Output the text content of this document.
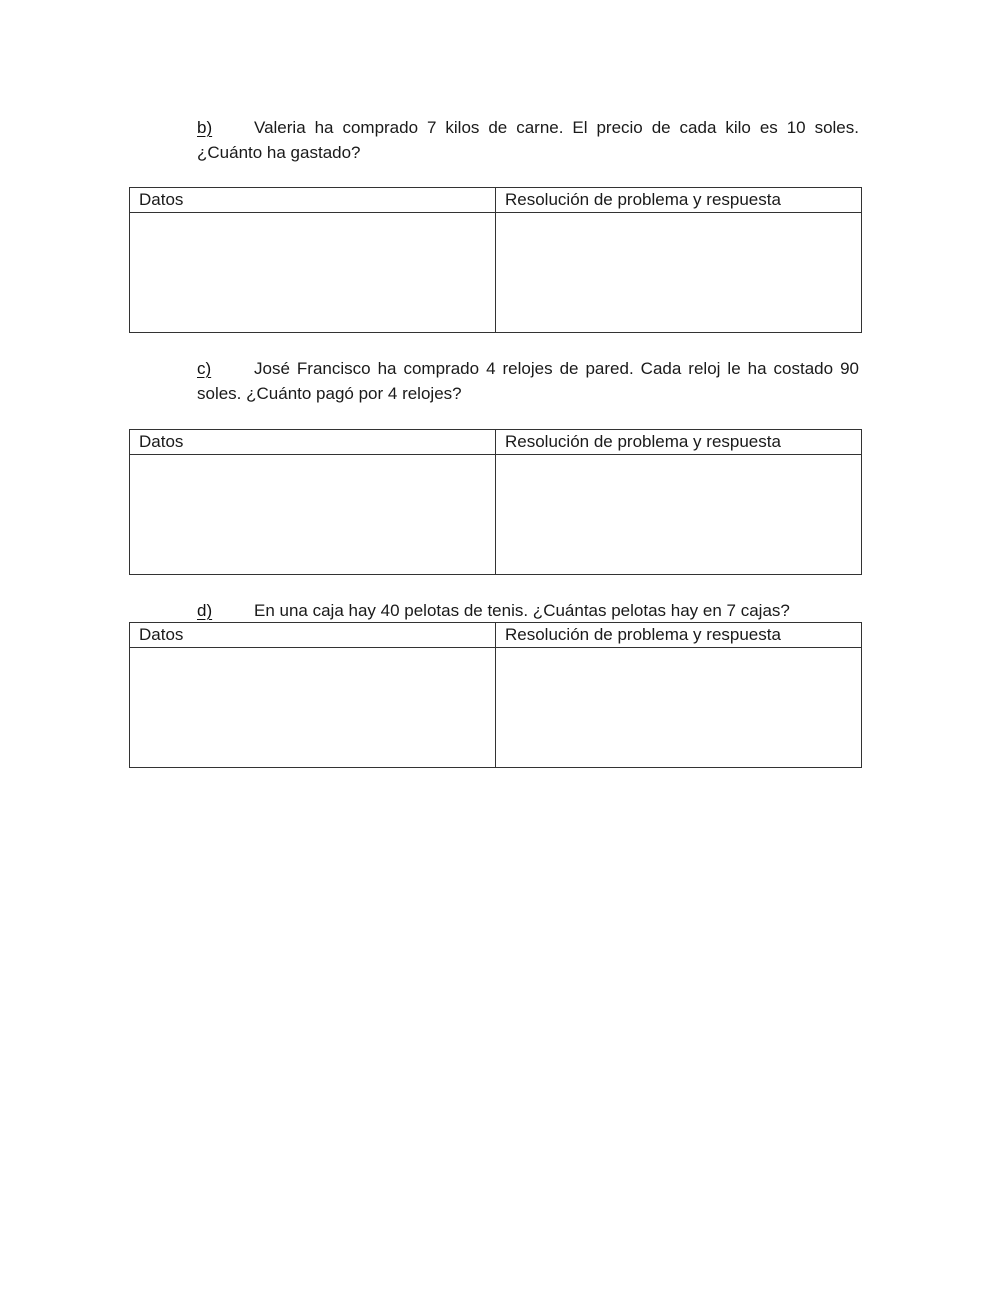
b) Valeria ha comprado 7 kilos de carne. El precio de cada kilo es 10 soles. ¿Cuánto ha gastado?
Datos	Resolución de problema y respuesta

c)	José Francisco ha comprado 4 relojes de pared. Cada reloj le ha costado 90 soles. ¿Cuánto pagó por 4 relojes?
Datos	Resolución de problema y respuesta

d) En una caja hay 40 pelotas de tenis. ¿Cuántas pelotas hay en 7 cajas?
Datos	Resolución de problema y respuesta
